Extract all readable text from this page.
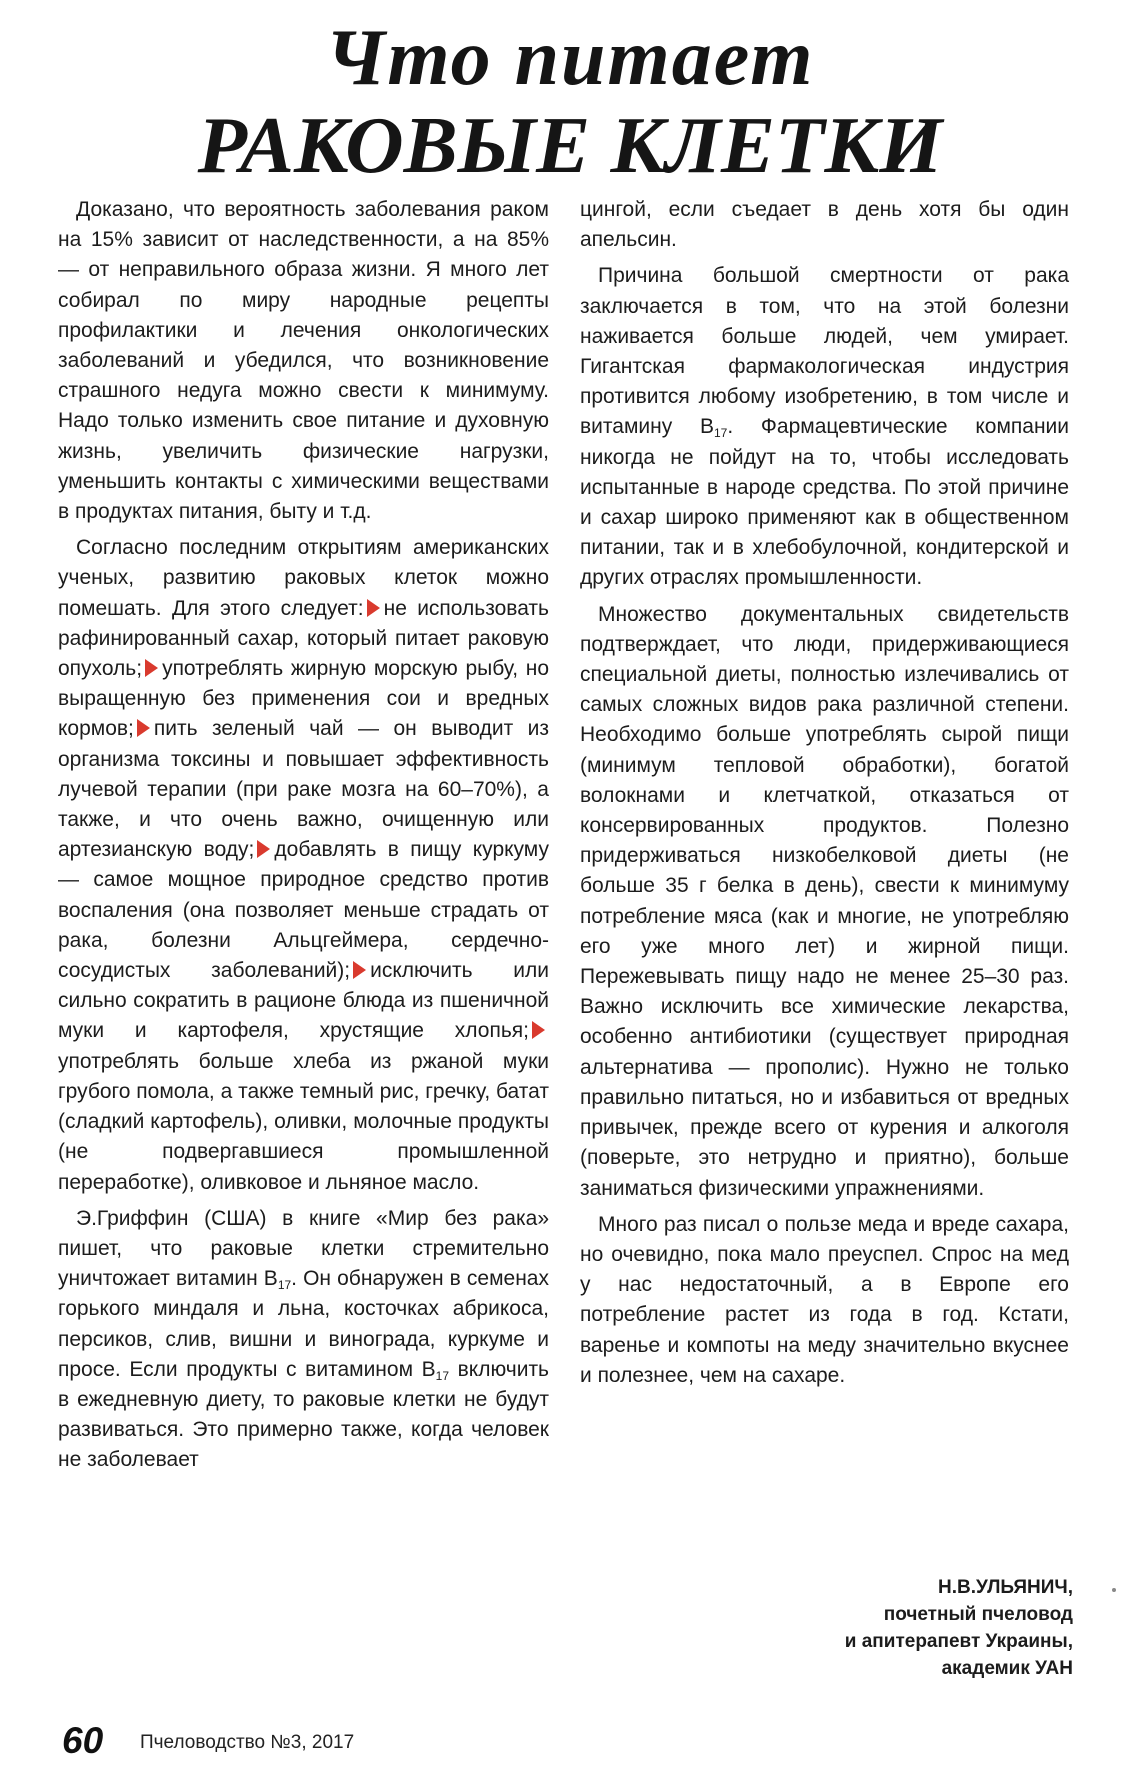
Что питает
РАКОВЫЕ КЛЕТКИ

Доказано, что вероятность заболевания раком на 15% зависит от наследственности, а на 85% — от неправильного образа жизни. Я много лет собирал по миру народные рецепты профилактики и лечения онкологических заболеваний и убедился, что возникновение страшного недуга можно свести к минимуму. Надо только изменить свое питание и духовную жизнь, увеличить физические нагрузки, уменьшить контакты с химическими веществами в продуктах питания, быту и т.д.

Согласно последним открытиям американских ученых, развитию раковых клеток можно помешать. Для этого следует: не использовать рафинированный сахар, который питает раковую опухоль; употреблять жирную морскую рыбу, но выращенную без применения сои и вредных кормов; пить зеленый чай — он выводит из организма токсины и повышает эффективность лучевой терапии (при раке мозга на 60–70%), а также, и что очень важно, очищенную или артезианскую воду; добавлять в пищу куркуму — самое мощное природное средство против воспаления (она позволяет меньше страдать от рака, болезни Альцгеймера, сердечно-сосудистых заболеваний); исключить или сильно сократить в рационе блюда из пшеничной муки и картофеля, хрустящие хлопья;употреблять больше хлеба из ржаной муки грубого помола, а также темный рис, гречку, батат (сладкий картофель), оливки, молочные продукты (не подвергавшиеся промышленной переработке), оливковое и льняное масло.

Э.Гриффин (США) в книге «Мир без рака» пишет, что раковые клетки стремительно уничтожает витамин $В_{17}$. Он обнаружен в семенах горького миндаля и льна, косточках абрикоса, персиков, слив, вишни и винограда, куркуме и просе. Если продукты с витамином $В_{17}$ включить в ежедневную диету, то раковые клетки не будут развиваться. Это примерно также, когда человек не заболевает

цингой, если съедает в день хотя бы один апельсин.

Причина большой смертности от рака заключается в том, что на этой болезни наживается больше людей, чем умирает. Гигантская фармакологическая индустрия противится любому изобретению, в том числе и витамину $В_{17}$. Фармацевтические компании никогда не пойдут на то, чтобы исследовать испытанные в народе средства. По этой причине и сахар широко применяют как в общественном питании, так и в хлебобулочной, кондитерской и других отраслях промышленности.

Множество документальных свидетельств подтверждает, что люди, придерживающиеся специальной диеты, полностью излечивались от самых сложных видов рака различной степени. Необходимо больше употреблять сырой пищи (минимум тепловой обработки), богатой волокнами и клетчаткой, отказаться от консервированных продуктов. Полезно придерживаться низкобелковой диеты (не больше 35 г белка в день), свести к минимуму потребление мяса (как и многие, не употребляю его уже много лет) и жирной пищи. Пережевывать пищу надо не менее 25–30 раз. Важно исключить все химические лекарства, особенно антибиотики (существует природная альтернатива — прополис). Нужно не только правильно питаться, но и избавиться от вредных привычек, прежде всего от курения и алкоголя (поверьте, это нетрудно и приятно), больше заниматься физическими упражнениями.

Много раз писал о пользе меда и вреде сахара, но очевидно, пока мало преуспел. Спрос на мед у нас недостаточный, а в Европе его потребление растет из года в год. Кстати, варенье и компоты на меду значительно вкуснее и полезнее, чем на сахаре.

Н.В.УЛЬЯНИЧ,
почетный пчеловод
и апитерапевт Украины,
академик УАН
60 Пчеловодство №3, 2017
